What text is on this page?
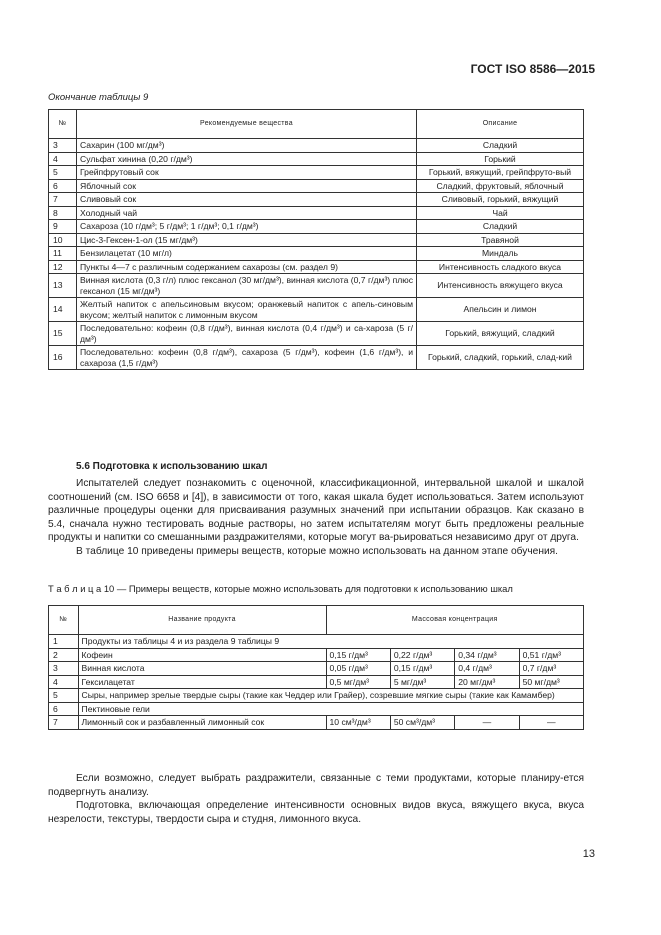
ГОСТ ISO 8586—2015
Окончание таблицы 9
№	Рекомендуемые вещества	Описание
3	Сахарин (100 мг/дм³)	Сладкий
4	Сульфат хинина (0,20 г/дм³)	Горький
5	Грейпфрутовый сок	Горький, вяжущий, грейпфруто-вый
6	Яблочный сок	Сладкий, фруктовый, яблочный
7	Сливовый сок	Сливовый, горький, вяжущий
8	Холодный чай	Чай
9	Сахароза (10 г/дм³; 5 г/дм³; 1 г/дм³; 0,1 г/дм³)	Сладкий
10	Цис-3-Гексен-1-ол (15 мг/дм³)	Травяной
11	Бензилацетат (10 мг/л)	Миндаль
12	Пункты 4—7 с различным содержанием сахарозы (см. раздел 9)	Интенсивность сладкого вкуса
13	Винная кислота (0,3 г/л) плюс гексанол (30 мг/дм³), винная кислота (0,7 г/дм³) плюс гексанол (15 мг/дм³)	Интенсивность вяжущего вкуса
14	Желтый напиток с апельсиновым вкусом; оранжевый напиток с апель-синовым вкусом; желтый напиток с лимонным вкусом	Апельсин и лимон
15	Последовательно: кофеин (0,8 г/дм³), винная кислота (0,4 г/дм³) и са-хароза (5 г/дм³)	Горький, вяжущий, сладкий
16	Последовательно: кофеин (0,8 г/дм³), сахароза (5 г/дм³), кофеин (1,6 г/дм³), и сахароза (1,5 г/дм³)	Горький, сладкий, горький, слад-кий
5.6 Подготовка к использованию шкал

Испытателей следует познакомить с оценочной, классификационной, интервальной шкалой и шкалой соотношений (см. ISO 6658 и [4]), в зависимости от того, какая шкала будет использоваться. Затем используют различные процедуры оценки для присваивания разумных значений при испытании образцов. Как сказано в 5.4, сначала нужно тестировать водные растворы, но затем испытателям могут быть предложены реальные продукты и напитки со смешанными раздражителями, которые могут ва-рьироваться независимо друг от друга.

В таблице 10 приведены примеры веществ, которые можно использовать на данном этапе обучения.

Т а б л и ц а 10 — Примеры веществ, которые можно использовать для подготовки к использованию шкал
№	Название продукта	Массовая концентрация			
1	Продукты из таблицы 4 и из раздела 9 таблицы 9				
2	Кофеин	0,15 г/дм³	0,22 г/дм³	0,34 г/дм³	0,51 г/дм³
3	Винная кислота	0,05 г/дм³	0,15 г/дм³	0,4 г/дм³	0,7 г/дм³
4	Гексилацетат	0,5 мг/дм³	5 мг/дм³	20 мг/дм³	50 мг/дм³
5	Сыры, например зрелые твердые сыры (такие как Чеддер или Грайер), созревшие мягкие сыры (такие как Камамбер)				
6	Пектиновые гели				
7	Лимонный сок и разбавленный лимонный сок	10 см³/дм³	50 см³/дм³	—	—

Если возможно, следует выбрать раздражители, связанные с теми продуктами, которые планиру-ется подвергнуть анализу.

Подготовка, включающая определение интенсивности основных видов вкуса, вяжущего вкуса, вкуса незрелости, текстуры, твердости сыра и студня, лимонного вкуса.

13
